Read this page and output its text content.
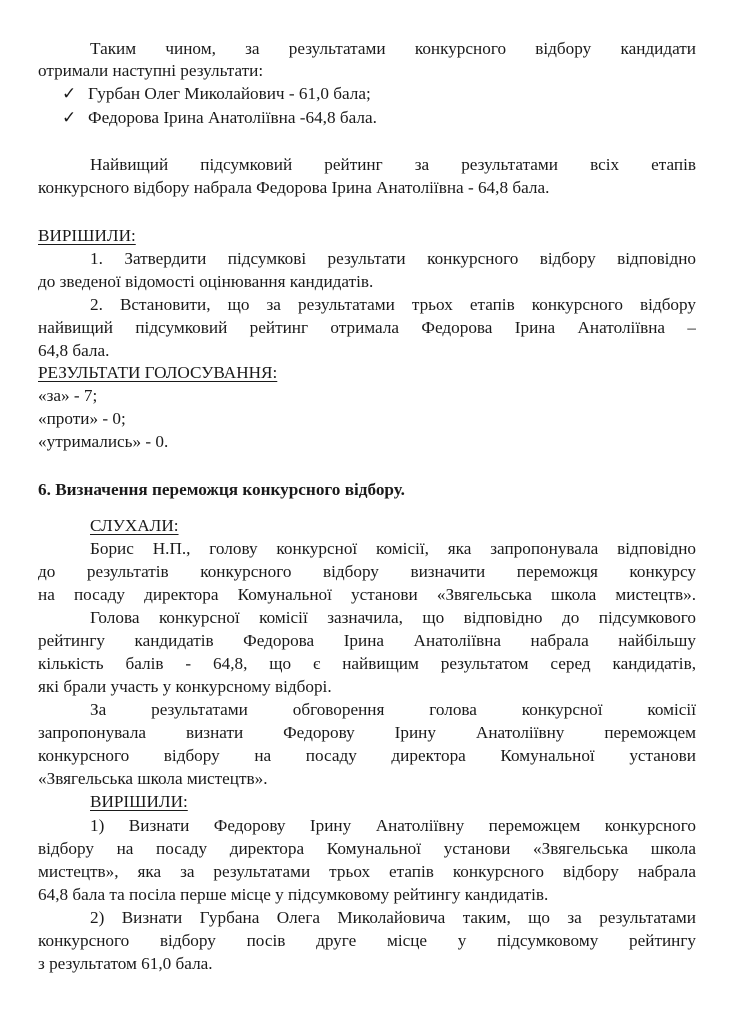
Таким чином, за результатами конкурсного відбору кандидати
отримали наступні результати:
✓ Гурбан Олег Миколайович - 61,0 бала;
✓ Федорова Ірина Анатоліївна -64,8 бала.
Найвищий підсумковий рейтинг за результатами всіх етапів
конкурсного відбору набрала Федорова Ірина Анатоліївна - 64,8 бала.
ВИРІШИЛИ:
1. Затвердити підсумкові результати конкурсного відбору відповідно
до зведеної відомості оцінювання кандидатів.
2. Встановити, що за результатами трьох етапів конкурсного відбору
найвищий підсумковий рейтинг отримала Федорова Ірина Анатоліївна –
64,8 бала.
РЕЗУЛЬТАТИ ГОЛОСУВАННЯ:
«за» - 7;
«проти» - 0;
«утримались» - 0.
6. Визначення переможця конкурсного відбору.
СЛУХАЛИ:
Борис Н.П., голову конкурсної комісії, яка запропонувала відповідно
до результатів конкурсного відбору визначити переможця конкурсу
на посаду директора Комунальної установи «Звягельська школа мистецтв».
Голова конкурсної комісії зазначила, що відповідно до підсумкового
рейтингу кандидатів Федорова Ірина Анатоліївна набрала найбільшу
кількість балів - 64,8, що є найвищим результатом серед кандидатів,
які брали участь у конкурсному відборі.
За результатами обговорення голова конкурсної комісії
запропонувала визнати Федорову Ірину Анатоліївну переможцем
конкурсного відбору на посаду директора Комунальної установи
«Звягельська школа мистецтв».
ВИРІШИЛИ:
1) Визнати Федорову Ірину Анатоліївну переможцем конкурсного
відбору на посаду директора Комунальної установи «Звягельська школа
мистецтв», яка за результатами трьох етапів конкурсного відбору набрала
64,8 бала та посіла перше місце у підсумковому рейтингу кандидатів.
2) Визнати Гурбана Олега Миколайовича таким, що за результатами
конкурсного відбору посів друге місце у підсумковому рейтингу
з результатом 61,0 бала.
